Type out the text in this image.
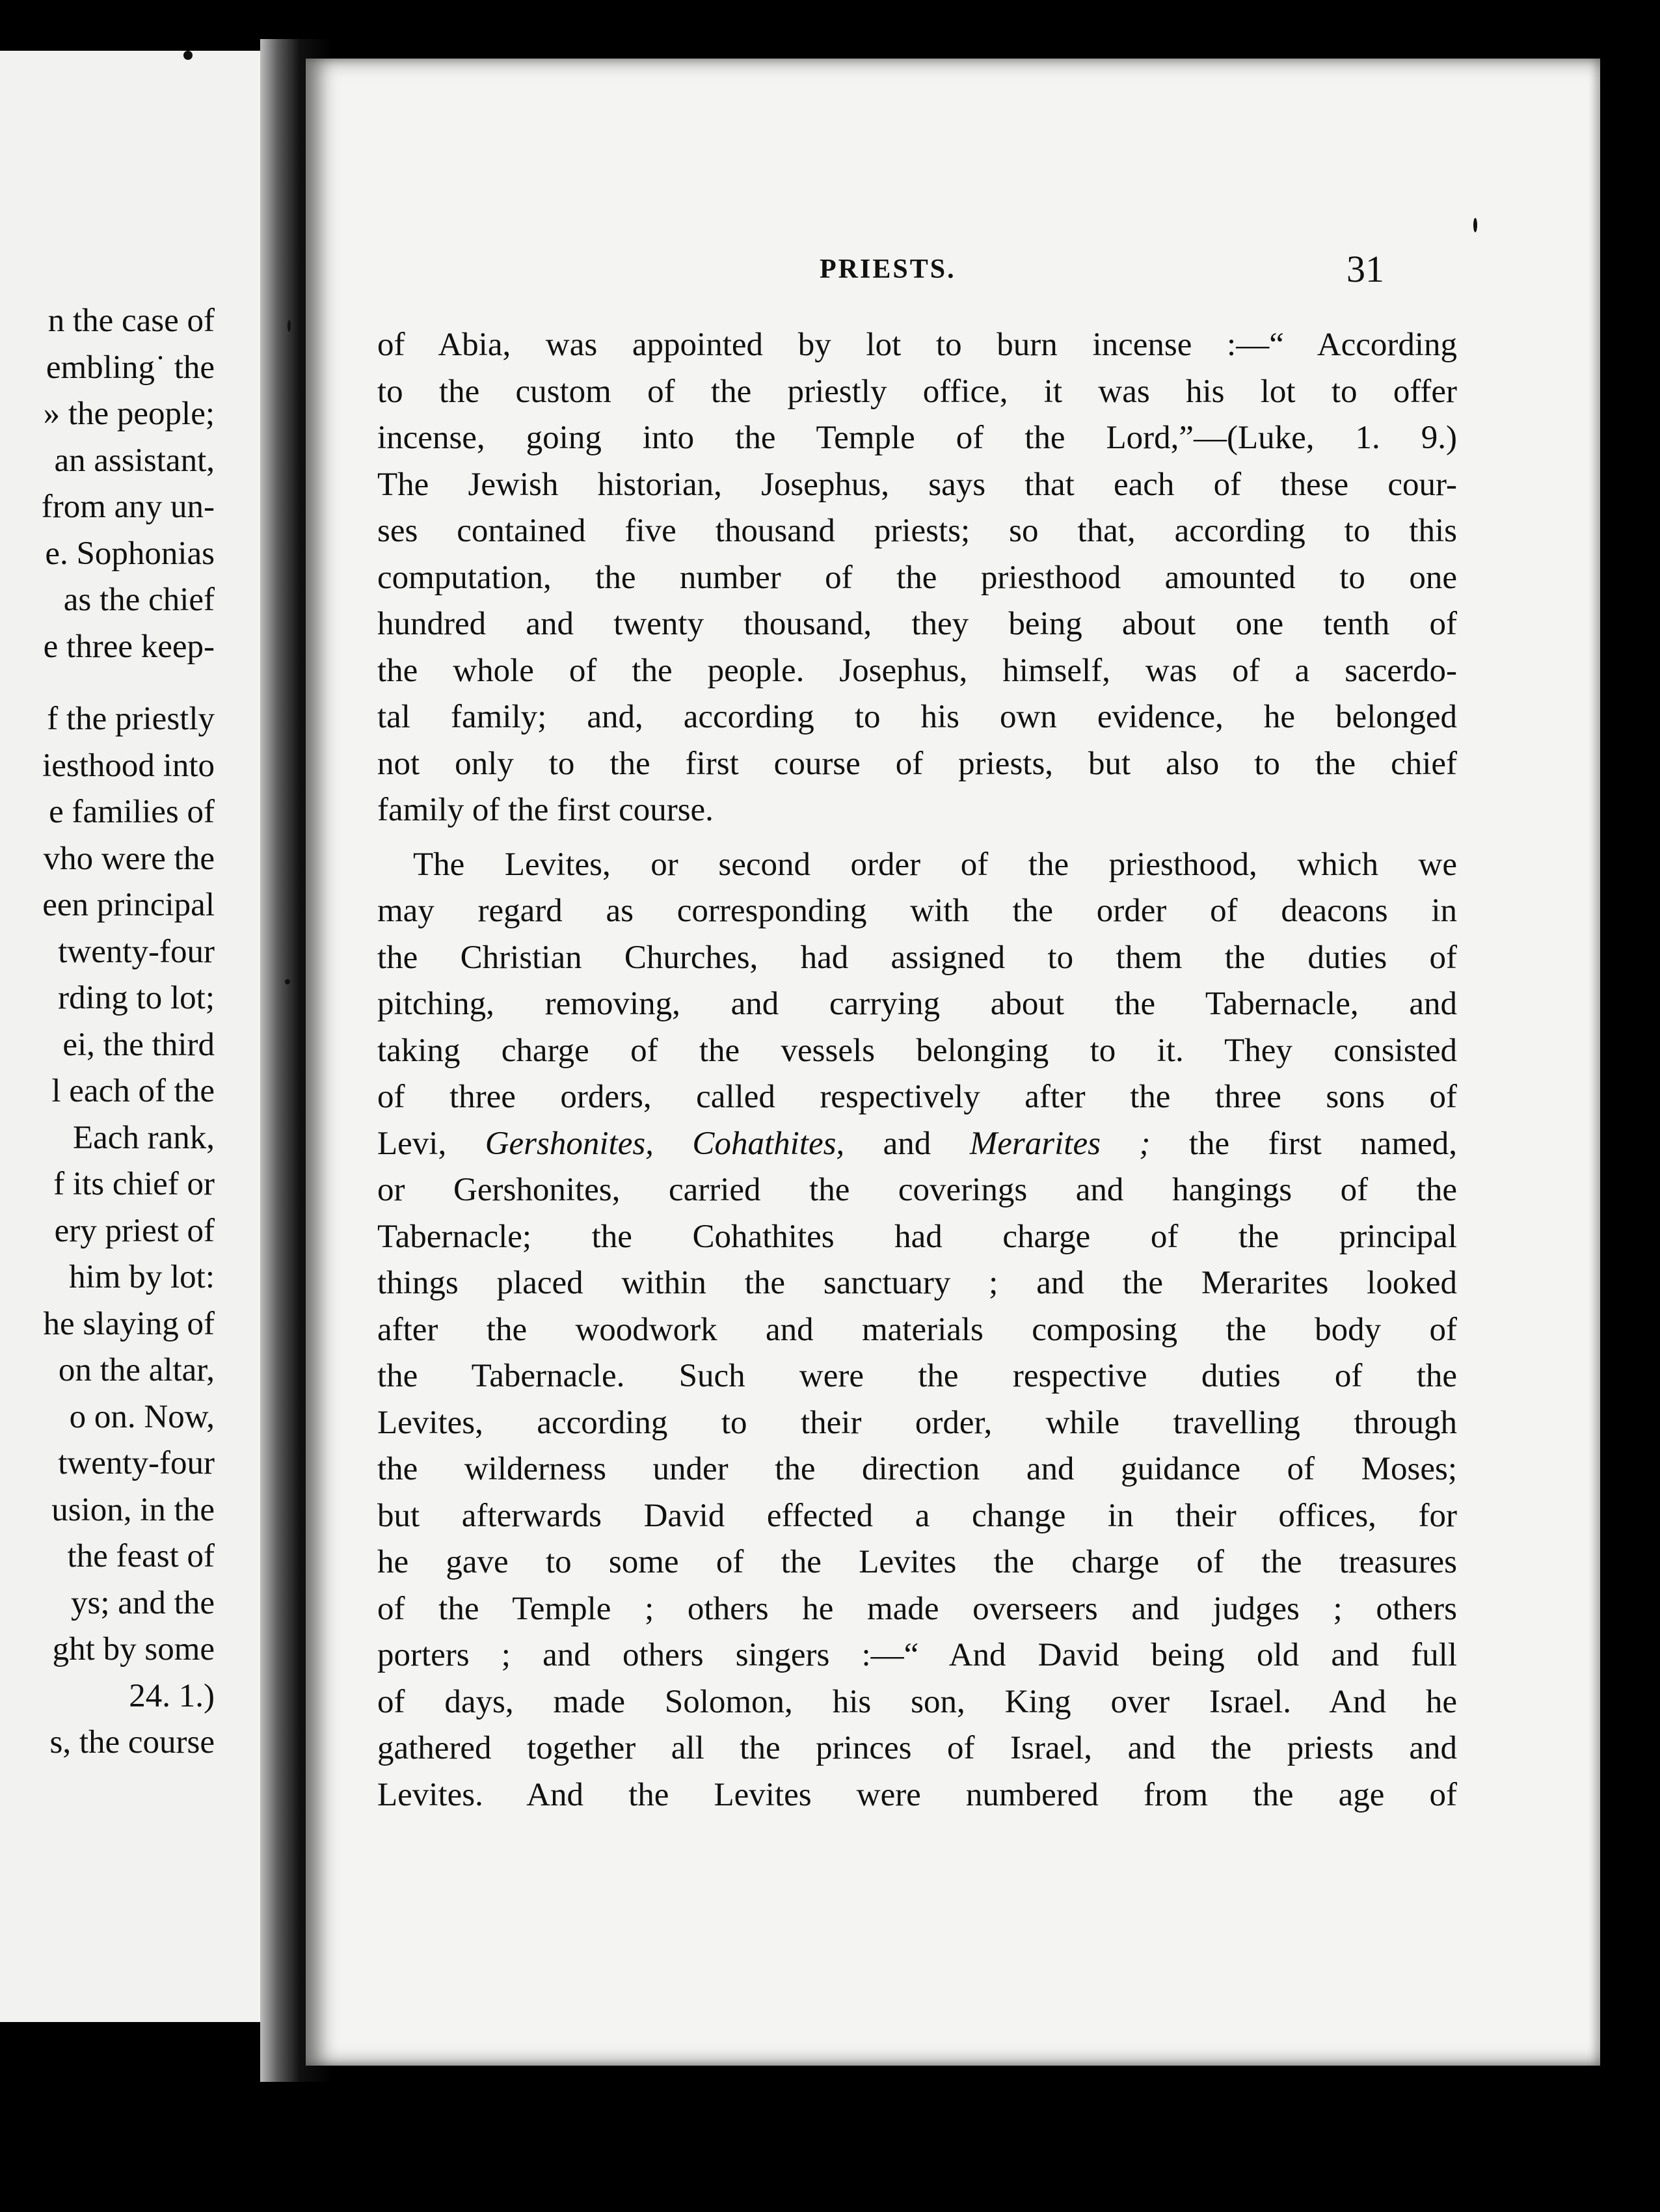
n the case of
embling˙ the
» the people;
an assistant,
from any un-
e. Sophonias
as the chief
e three keep-
f the priestly
iesthood into
e families of
vho were the
een principal
twenty-four
rding to lot;
ei, the third
l each of the
Each rank,
f its chief or
ery priest of
him by lot:
he slaying of
on the altar,
o on. Now,
twenty-four
usion, in the
the feast of
ys; and the
ght by some
24. 1.)
s, the course
PRIESTS.	31
of Abia, was appointed by lot to burn incense :—“ According
to the custom of the priestly office, it was his lot to offer
incense, going into the Temple of the Lord,”—(Luke, 1. 9.)
The Jewish historian, Josephus, says that each of these cour-
ses contained five thousand priests; so that, according to this
computation, the number of the priesthood amounted to one
hundred and twenty thousand, they being about one tenth of
the whole of the people. Josephus, himself, was of a sacerdo-
tal family; and, according to his own evidence, he belonged
not only to the first course of priests, but also to the chief
family of the first course.
The Levites, or second order of the priesthood, which we
may regard as corresponding with the order of deacons in
the Christian Churches, had assigned to them the duties of
pitching, removing, and carrying about the Tabernacle, and
taking charge of the vessels belonging to it. They consisted
of three orders, called respectively after the three sons of
Levi, Gershonites, Cohathites, and Merarites ; the first named,
or Gershonites, carried the coverings and hangings of the
Tabernacle; the Cohathites had charge of the principal
things placed within the sanctuary ; and the Merarites looked
after the woodwork and materials composing the body of
the Tabernacle. Such were the respective duties of the
Levites, according to their order, while travelling through
the wilderness under the direction and guidance of Moses;
but afterwards David effected a change in their offices, for
he gave to some of the Levites the charge of the treasures
of the Temple ; others he made overseers and judges ; others
porters ; and others singers :—“ And David being old and full
of days, made Solomon, his son, King over Israel. And he
gathered together all the princes of Israel, and the priests and
Levites. And the Levites were numbered from the age of
